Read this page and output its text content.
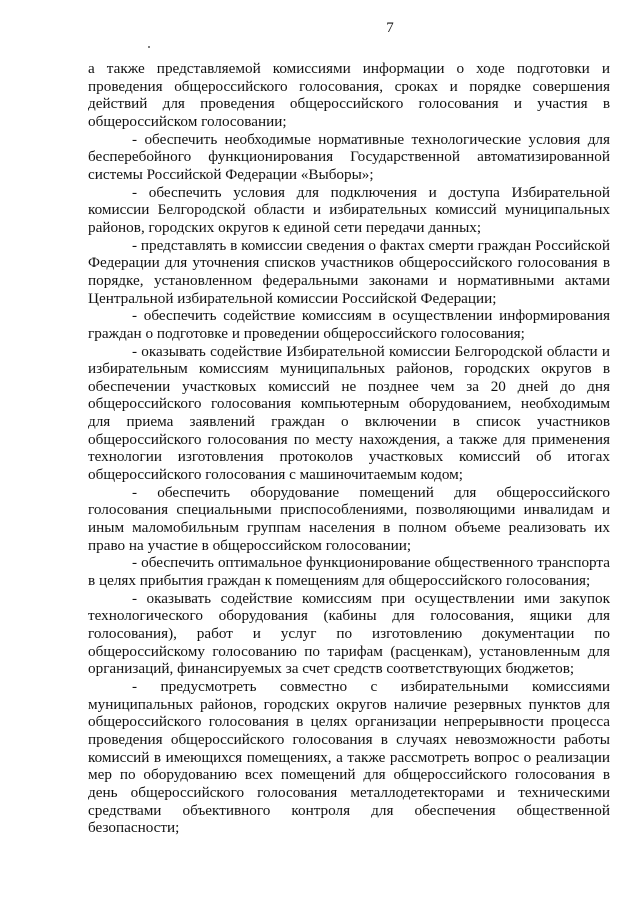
7

а также представляемой комиссиями информации о ходе подготовки и проведения общероссийского голосования, сроках и порядке совершения действий для проведения общероссийского голосования и участия в общероссийском голосовании;

- обеспечить необходимые нормативные технологические условия для бесперебойного функционирования Государственной автоматизированной системы Российской Федерации «Выборы»;

- обеспечить условия для подключения и доступа Избирательной комиссии Белгородской области и избирательных комиссий муниципальных районов, городских округов к единой сети передачи данных;

- представлять в комиссии сведения о фактах смерти граждан Российской Федерации для уточнения списков участников общероссийского голосования в порядке, установленном федеральными законами и нормативными актами Центральной избирательной комиссии Российской Федерации;

- обеспечить содействие комиссиям в осуществлении информирования граждан о подготовке и проведении общероссийского голосования;

- оказывать содействие Избирательной комиссии Белгородской области и избирательным комиссиям муниципальных районов, городских округов в обеспечении участковых комиссий не позднее чем за 20 дней до дня общероссийского голосования компьютерным оборудованием, необходимым для приема заявлений граждан о включении в список участников общероссийского голосования по месту нахождения, а также для применения технологии изготовления протоколов участковых комиссий об итогах общероссийского голосования с машиночитаемым кодом;

- обеспечить оборудование помещений для общероссийского голосования специальными приспособлениями, позволяющими инвалидам и иным маломобильным группам населения в полном объеме реализовать их право на участие в общероссийском голосовании;

- обеспечить оптимальное функционирование общественного транспорта в целях прибытия граждан к помещениям для общероссийского голосования;

- оказывать содействие комиссиям при осуществлении ими закупок технологического оборудования (кабины для голосования, ящики для голосования), работ и услуг по изготовлению документации по общероссийскому голосованию по тарифам (расценкам), установленным для организаций, финансируемых за счет средств соответствующих бюджетов;

- предусмотреть совместно с избирательными комиссиями муниципальных районов, городских округов наличие резервных пунктов для общероссийского голосования в целях организации непрерывности процесса проведения общероссийского голосования в случаях невозможности работы комиссий в имеющихся помещениях, а также рассмотреть вопрос о реализации мер по оборудованию всех помещений для общероссийского голосования в день общероссийского голосования металлодетекторами и техническими средствами объективного контроля для обеспечения общественной безопасности;
